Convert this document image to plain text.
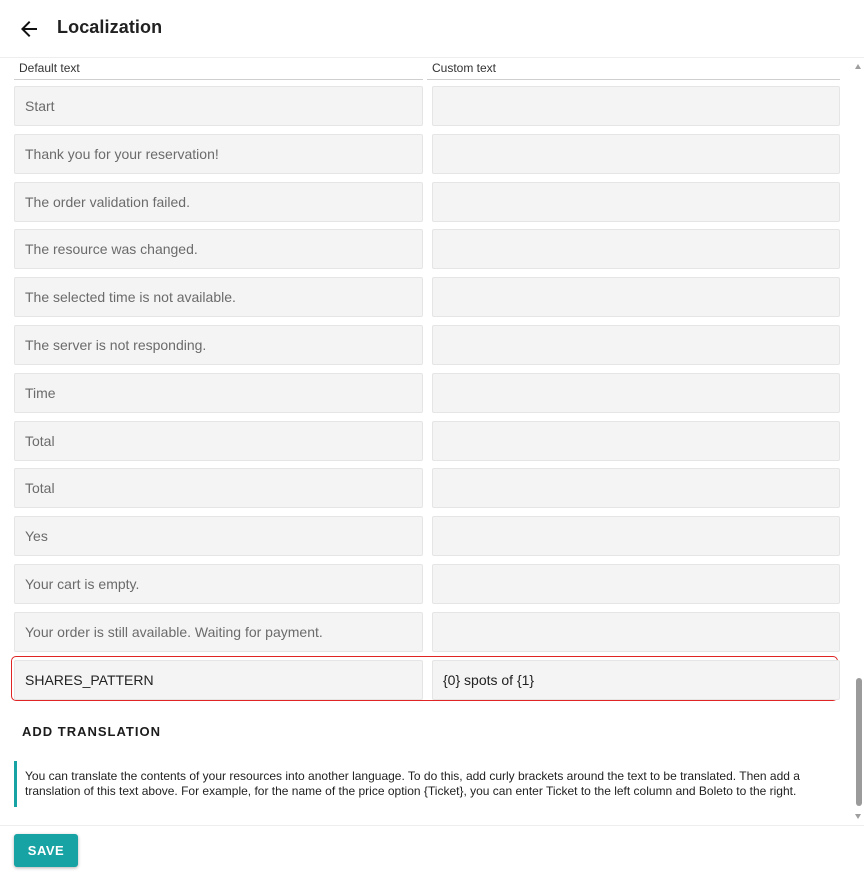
Localization
Default text	Custom text
Start
Thank you for your reservation!
The order validation failed.
The resource was changed.
The selected time is not available.
The server is not responding.
Time
Total
Total
Yes
Your cart is empty.
Your order is still available. Waiting for payment.
SHARES_PATTERN	{0} spots of {1}
ADD TRANSLATION
You can translate the contents of your resources into another language. To do this, add curly brackets around the text to be translated. Then add a translation of this text above. For example, for the name of the price option {Ticket}, you can enter Ticket to the left column and Boleto to the right.
SAVE
